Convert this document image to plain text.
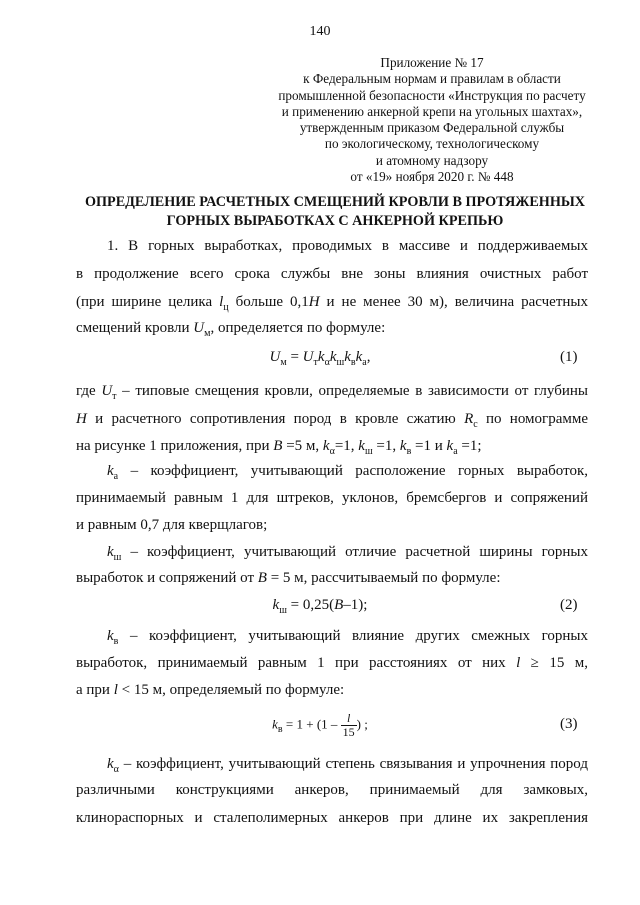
140
Приложение № 17
к Федеральным нормам и правилам в области
промышленной безопасности «Инструкция по расчету
и применению анкерной крепи на угольных шахтах»,
утвержденным приказом Федеральной службы
по экологическому, технологическому
и атомному надзору
от «19» ноября 2020 г. № 448
ОПРЕДЕЛЕНИЕ РАСЧЕТНЫХ СМЕЩЕНИЙ КРОВЛИ В ПРОТЯЖЕННЫХ
ГОРНЫХ ВЫРАБОТКАХ С АНКЕРНОЙ КРЕПЬЮ
1. В горных выработках, проводимых в массиве и поддерживаемых
в продолжение всего срока службы вне зоны влияния очистных работ
(при ширине целика $l_ц$ больше 0,1H и не менее 30 м), величина расчетных
смещений кровли $U_м$, определяется по формуле:
$U_м = U_тk_\alpha k_шk_вk_a$,	(1)
где $U_т$ – типовые смещения кровли, определяемые в зависимости от глубины
H и расчетного сопротивления пород в кровле сжатию $R_c$ по номограмме
на рисунке 1 приложения, при B =5 м, $k_\alpha=1$, $k_ш =1$, $k_в =1$ и $k_a =1$;
$k_a$ – коэффициент, учитывающий расположение горных выработок,
принимаемый равным 1 для штреков, уклонов, бремсбергов и сопряжений
и равным 0,7 для кверщлагов;
$k_ш$ – коэффициент, учитывающий отличие расчетной ширины горных
выработок и сопряжений от B = 5 м, рассчитываемый по формуле:
$k_ш = 0,25(B-1)$;	(2)
$k_в$ – коэффициент, учитывающий влияние других смежных горных
выработок, принимаемый равным 1 при расстояниях от них l ≥ 15 м,
а при l < 15 м, определяемый по формуле:
$k_в = 1 + (1 - \frac{l}{15}$ ) ;	(3)
$k_\alpha$ – коэффициент, учитывающий степень связывания и упрочнения пород
различными конструкциями анкеров, принимаемый для замковых,
клинораспорных и сталеполимерных анкеров при длине их закрепления
